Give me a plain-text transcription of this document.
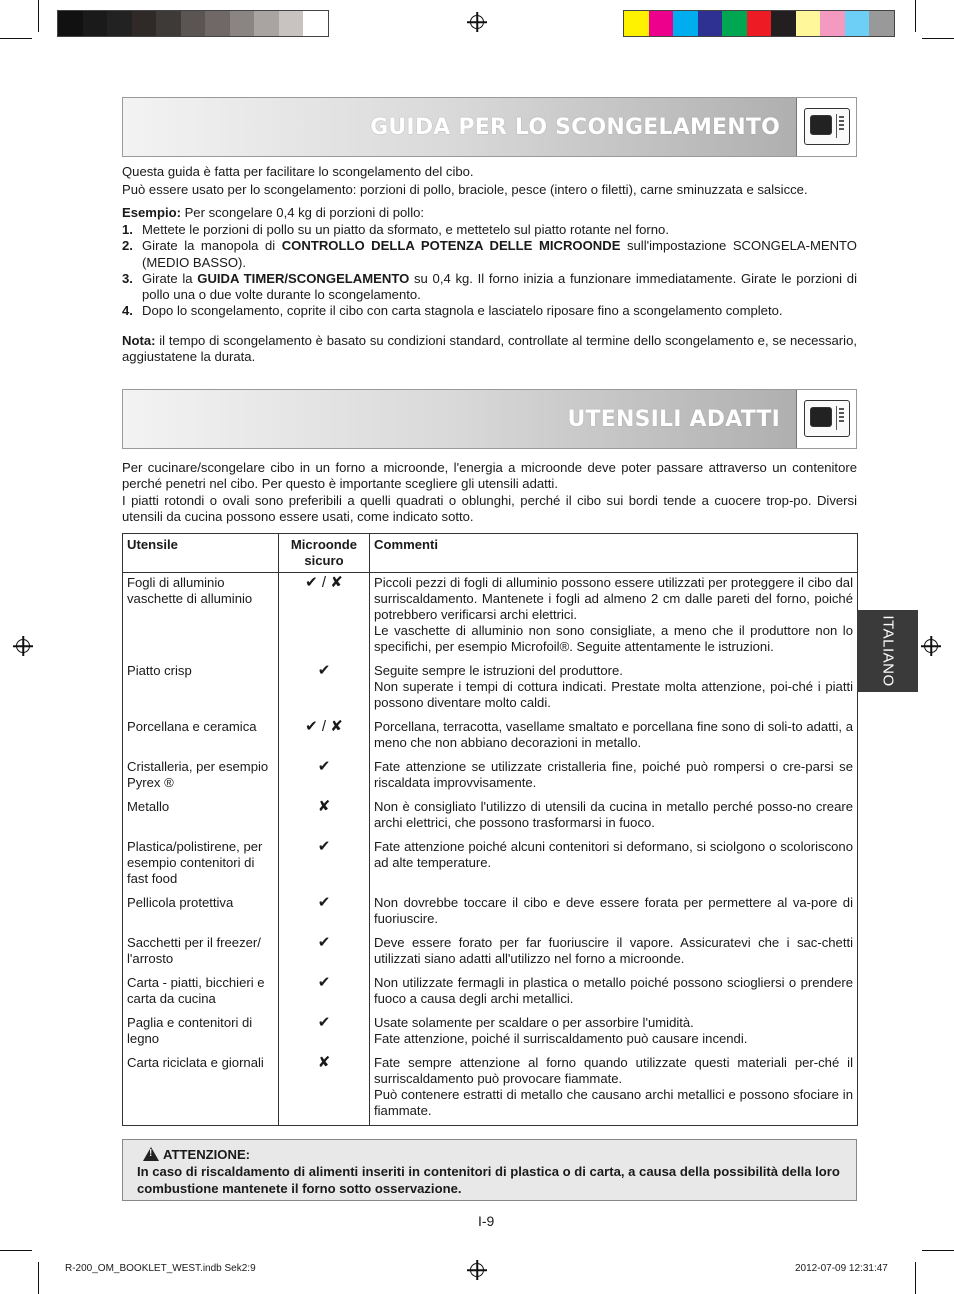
GUIDA PER LO SCONGELAMENTO

Questa guida è fatta per facilitare lo scongelamento del cibo.

Può essere usato per lo scongelamento: porzioni di pollo, braciole, pesce (intero o filetti), carne sminuzzata e salsicce.

Esempio: Per scongelare 0,4 kg di porzioni di pollo:

1. Mettete le porzioni di pollo su un piatto da sformato, e mettetelo sul piatto rotante nel forno.
2. Girate la manopola di CONTROLLO DELLA POTENZA DELLE MICROONDE sull'impostazione SCONGELA-MENTO (MEDIO BASSO).
3. Girate la GUIDA TIMER/SCONGELAMENTO su 0,4 kg. Il forno inizia a funzionare immediatamente. Girate le porzioni di pollo una o due volte durante lo scongelamento.
4. Dopo lo scongelamento, coprite il cibo con carta stagnola e lasciatelo riposare fino a scongelamento completo.

Nota: il tempo di scongelamento è basato su condizioni standard, controllate al termine dello scongelamento e, se necessario, aggiustatene la durata.

UTENSILI ADATTI

Per cucinare/scongelare cibo in un forno a microonde, l'energia a microonde deve poter passare attraverso un contenitore perché penetri nel cibo. Per questo è importante scegliere gli utensili adatti.

I piatti rotondi o ovali sono preferibili a quelli quadrati o oblunghi, perché il cibo sui bordi tende a cuocere trop-po. Diversi utensili da cucina possono essere usati, come indicato sotto.

Utensile	Microonde sicuro	Commenti
Fogli di alluminio vaschette di alluminio	✔ / ✘	Piccoli pezzi di fogli di alluminio possono essere utilizzati per proteggere il cibo dal surriscaldamento. Mantenete i fogli ad almeno 2 cm dalle pareti del forno, poiché potrebbero verificarsi archi elettrici.
Le vaschette di alluminio non sono consigliate, a meno che il produttore non lo specifichi, per esempio Microfoil®. Seguite attentamente le istruzioni.
Piatto crisp	✔	Seguite sempre le istruzioni del produttore.
Non superate i tempi di cottura indicati. Prestate molta attenzione, poi-ché i piatti possono diventare molto caldi.
Porcellana e ceramica	✔ / ✘	Porcellana, terracotta, vasellame smaltato e porcellana fine sono di soli-to adatti, a meno che non abbiano decorazioni in metallo.
Cristalleria, per esempio Pyrex ®	✔	Fate attenzione se utilizzate cristalleria fine, poiché può rompersi o cre-parsi se riscaldata improvvisamente.
Metallo	✘	Non è consigliato l'utilizzo di utensili da cucina in metallo perché posso-no creare archi elettrici, che possono trasformarsi in fuoco.
Plastica/polistirene, per esempio contenitori di fast food	✔	Fate attenzione poiché alcuni contenitori si deformano, si sciolgono o scoloriscono ad alte temperature.
Pellicola protettiva	✔	Non dovrebbe toccare il cibo e deve essere forata per permettere al va-pore di fuoriuscire.
Sacchetti per il freezer/ l'arrosto	✔	Deve essere forato per far fuoriuscire il vapore. Assicuratevi che i sac-chetti utilizzati siano adatti all'utilizzo nel forno a microonde.
Carta - piatti, bicchieri e carta da cucina	✔	Non utilizzate fermagli in plastica o metallo poiché possono sciogliersi o prendere fuoco a causa degli archi metallici.
Paglia e contenitori di legno	✔	Usate solamente per scaldare o per assorbire l'umidità.
Fate attenzione, poiché il surriscaldamento può causare incendi.
Carta riciclata e giornali	✘	Fate sempre attenzione al forno quando utilizzate questi materiali per-ché il surriscaldamento può provocare fiammate.
Può contenere estratti di metallo che causano archi metallici e possono sfociare in fiammate.
!ATTENZIONE:
In caso di riscaldamento di alimenti inseriti in contenitori di plastica o di carta, a causa della possibilità della loro combustione mantenete il forno sotto osservazione.
ITALIANO
I-9
R-200_OM_BOOKLET_WEST.indb Sek2:9	2012-07-09 12:31:47
